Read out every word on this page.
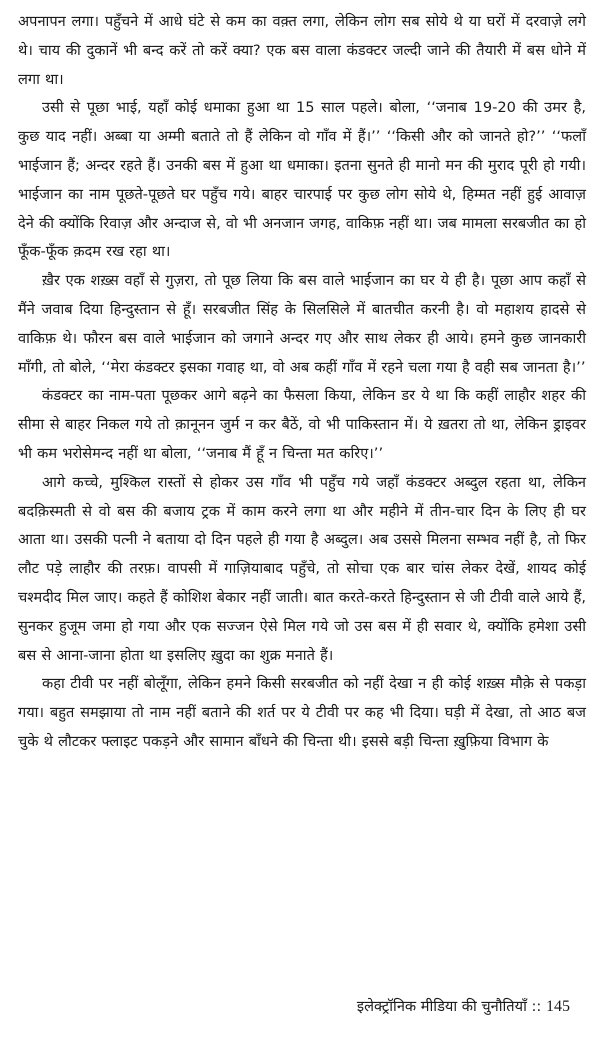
अपनापन लगा। पहुँचने में आधे घंटे से कम का वक़्त लगा, लेकिन लोग सब सोये थे या घरों में दरवाज़े लगे थे। चाय की दुकानें भी बन्द करें तो करें क्या? एक बस वाला कंडक्टर जल्दी जाने की तैयारी में बस धोने में लगा था।

उसी से पूछा भाई, यहाँ कोई धमाका हुआ था 15 साल पहले। बोला, ‘‘जनाब 19-20 की उमर है, कुछ याद नहीं। अब्बा या अम्मी बताते तो हैं लेकिन वो गाँव में हैं।’’ ‘‘किसी और को जानते हो?’’ ‘‘फलाँ भाईजान हैं; अन्दर रहते हैं। उनकी बस में हुआ था धमाका। इतना सुनते ही मानो मन की मुराद पूरी हो गयी। भाईजान का नाम पूछते-पूछते घर पहुँच गये। बाहर चारपाई पर कुछ लोग सोये थे, हिम्मत नहीं हुई आवाज़ देने की क्योंकि रिवाज़ और अन्दाज से, वो भी अनजान जगह, वाकिफ़ नहीं था। जब मामला सरबजीत का हो फूँक-फूँक क़दम रख रहा था।

ख़ैर एक शख़्स वहाँ से गुज़रा, तो पूछ लिया कि बस वाले भाईजान का घर ये ही है। पूछा आप कहाँ से मैंने जवाब दिया हिन्दुस्तान से हूँ। सरबजीत सिंह के सिलसिले में बातचीत करनी है। वो महाशय हादसे से वाकिफ़ थे। फौरन बस वाले भाईजान को जगाने अन्दर गए और साथ लेकर ही आये। हमने कुछ जानकारी माँगी, तो बोले, ‘‘मेरा कंडक्टर इसका गवाह था, वो अब कहीं गाँव में रहने चला गया है वही सब जानता है।’’

कंडक्टर का नाम-पता पूछकर आगे बढ़ने का फैसला किया, लेकिन डर ये था कि कहीं लाहौर शहर की सीमा से बाहर निकल गये तो क़ानूनन जुर्म न कर बैठें, वो भी पाकिस्तान में। ये ख़तरा तो था, लेकिन ड्राइवर भी कम भरोसेमन्द नहीं था बोला, ‘‘जनाब मैं हूँ न चिन्ता मत करिए।’’

आगे कच्चे, मुश्किल रास्तों से होकर उस गाँव भी पहुँच गये जहाँ कंडक्टर अब्दुल रहता था, लेकिन बदक़िस्मती से वो बस की बजाय ट्रक में काम करने लगा था और महीने में तीन-चार दिन के लिए ही घर आता था। उसकी पत्नी ने बताया दो दिन पहले ही गया है अब्दुल। अब उससे मिलना सम्भव नहीं है, तो फिर लौट पड़े लाहौर की तरफ़। वापसी में गाज़ियाबाद पहुँचे, तो सोचा एक बार चांस लेकर देखें, शायद कोई चश्मदीद मिल जाए। कहते हैं कोशिश बेकार नहीं जाती। बात करते-करते हिन्दुस्तान से जी टीवी वाले आये हैं, सुनकर हुजूम जमा हो गया और एक सज्जन ऐसे मिल गये जो उस बस में ही सवार थे, क्योंकि हमेशा उसी बस से आना-जाना होता था इसलिए ख़ुदा का शुक्र मनाते हैं।

कहा टीवी पर नहीं बोलूँगा, लेकिन हमने किसी सरबजीत को नहीं देखा न ही कोई शख़्स मौक़े से पकड़ा गया। बहुत समझाया तो नाम नहीं बताने की शर्त पर ये टीवी पर कह भी दिया। घड़ी में देखा, तो आठ बज चुके थे लौटकर फ्लाइट पकड़ने और सामान बाँधने की चिन्ता थी। इससे बड़ी चिन्ता ख़ुफ़िया विभाग के

इलेक्ट्रॉनिक मीडिया की चुनौतियाँ :: 145
